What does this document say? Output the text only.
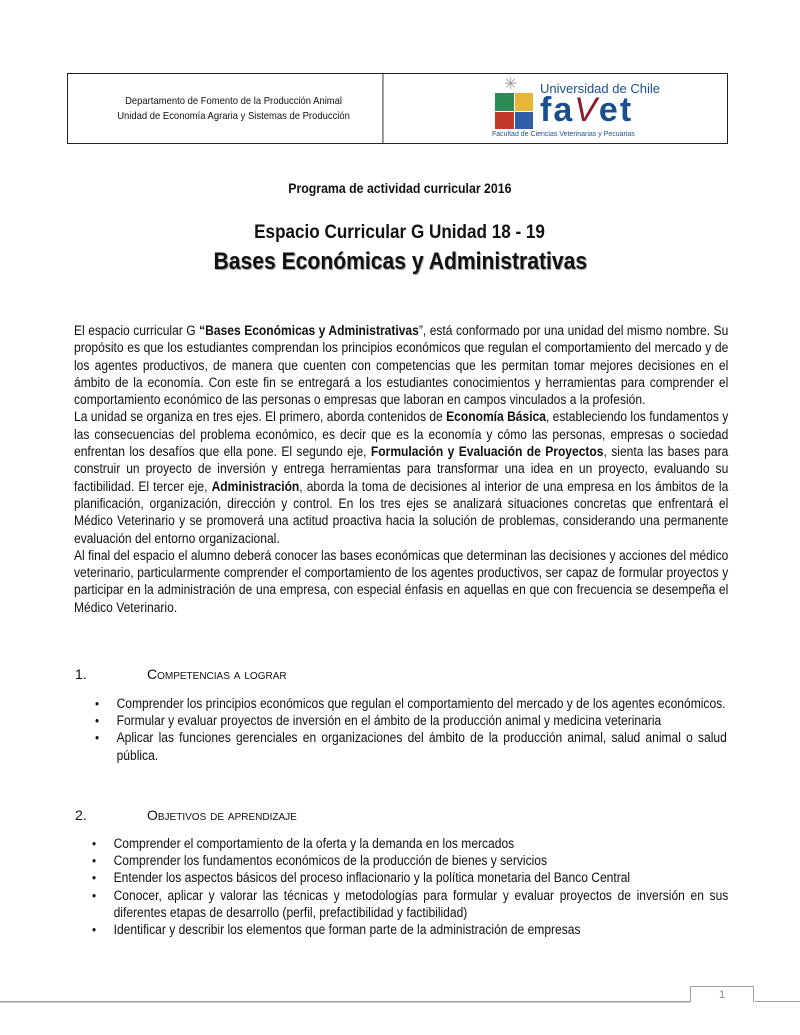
Departamento de Fomento de la Producción Animal
Unidad de Economía Agraria y Sistemas de Producción
✳ Universidad de Chile
faVet
Facultad de Ciencias Veterinarias y Pecuarias
Programa de actividad curricular 2016
Espacio Curricular G Unidad 18 - 19
Bases Económicas y Administrativas

El espacio curricular G “Bases Económicas y Administrativas”, está conformado por una unidad del mismo nombre. Su propósito es que los estudiantes comprendan los principios económicos que regulan el comportamiento del mercado y de los agentes productivos, de manera que cuenten con competencias que les permitan tomar mejores decisiones en el ámbito de la economía. Con este fin se entregará a los estudiantes conocimientos y herramientas para comprender el comportamiento económico de las personas o empresas que laboran en campos vinculados a la profesión.

La unidad se organiza en tres ejes. El primero, aborda contenidos de Economía Básica, estableciendo los fundamentos y las consecuencias del problema económico, es decir que es la economía y cómo las personas, empresas o sociedad enfrentan los desafíos que ella pone. El segundo eje, Formulación y Evaluación de Proyectos, sienta las bases para construir un proyecto de inversión y entrega herramientas para transformar una idea en un proyecto, evaluando su factibilidad. El tercer eje, Administración, aborda la toma de decisiones al interior de una empresa en los ámbitos de la planificación, organización, dirección y control. En los tres ejes se analizará situaciones concretas que enfrentará el Médico Veterinario y se promoverá una actitud proactiva hacia la solución de problemas, considerando una permanente evaluación del entorno organizacional.

Al final del espacio el alumno deberá conocer las bases económicas que determinan las decisiones y acciones del médico veterinario, particularmente comprender el comportamiento de los agentes productivos, ser capaz de formular proyectos y participar en la administración de una empresa, con especial énfasis en aquellas en que con frecuencia se desempeña el Médico Veterinario.

1.	Competencias a lograr
• Comprender los principios económicos que regulan el comportamiento del mercado y de los agentes económicos.
• Formular y evaluar proyectos de inversión en el ámbito de la producción animal y medicina veterinaria
• Aplicar las funciones gerenciales en organizaciones del ámbito de la producción animal, salud animal o salud pública.
2.	Objetivos de aprendizaje
• Comprender el comportamiento de la oferta y la demanda en los mercados
• Comprender los fundamentos económicos de la producción de bienes y servicios
• Entender los aspectos básicos del proceso inflacionario y la política monetaria del Banco Central
• Conocer, aplicar y valorar las técnicas y metodologías para formular y evaluar proyectos de inversión en sus diferentes etapas de desarrollo (perfil, prefactibilidad y factibilidad)
• Identificar y describir los elementos que forman parte de la administración de empresas
1
